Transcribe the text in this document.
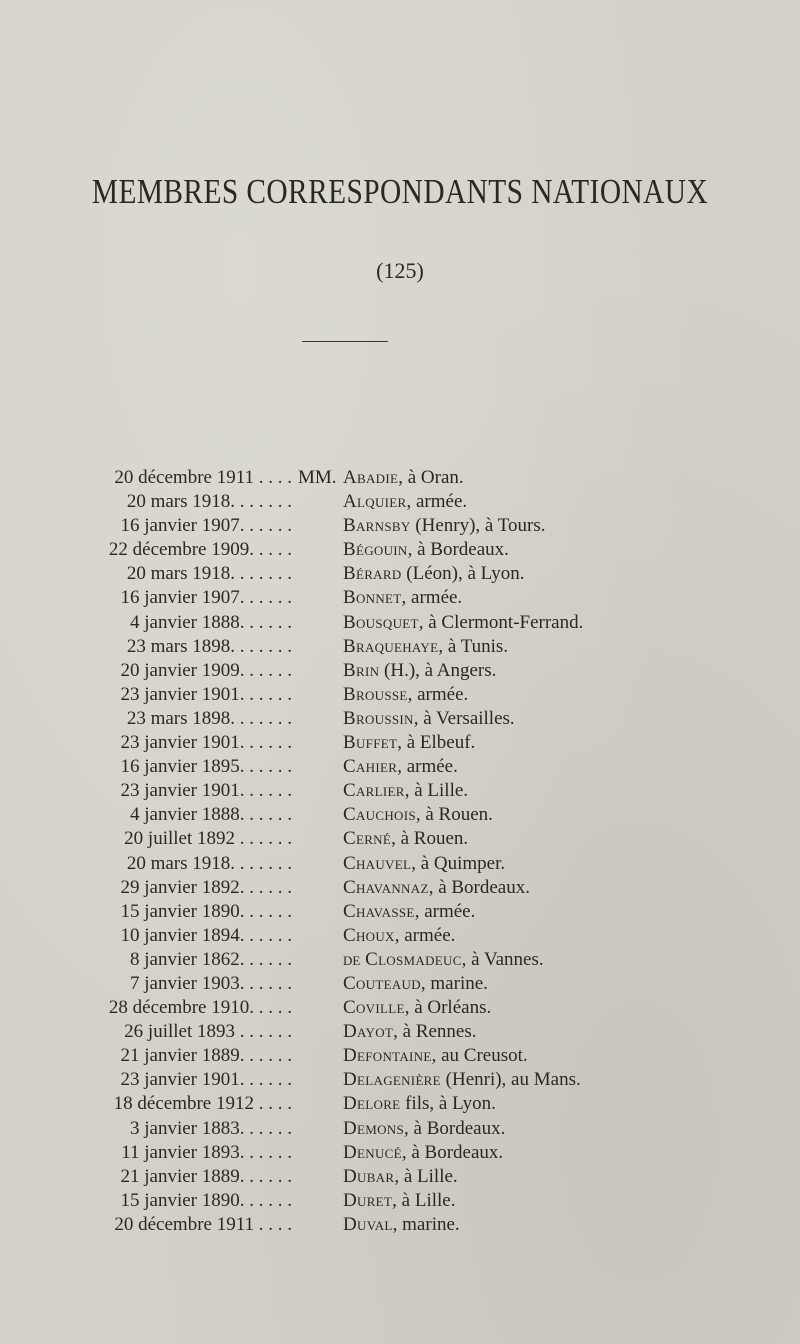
MEMBRES CORRESPONDANTS NATIONAUX
(125)
20 décembre 1911 . . . . MM. Abadie, à Oran.
20 mars 1918. . . . . . .	Alquier, armée.
16 janvier 1907. . . . . .	Barnsby (Henry), à Tours.
22 décembre 1909. . . . .	Bégouin, à Bordeaux.
20 mars 1918. . . . . . .	Bérard (Léon), à Lyon.
16 janvier 1907. . . . . .	Bonnet, armée.
4 janvier 1888. . . . . .	Bousquet, à Clermont-Ferrand.
23 mars 1898. . . . . . .	Braquehaye, à Tunis.
20 janvier 1909. . . . . .	Brin (H.), à Angers.
23 janvier 1901. . . . . .	Brousse, armée.
23 mars 1898. . . . . . .	Broussin, à Versailles.
23 janvier 1901. . . . . .	Buffet, à Elbeuf.
16 janvier 1895. . . . . .	Cahier, armée.
23 janvier 1901. . . . . .	Carlier, à Lille.
4 janvier 1888. . . . . .	Cauchois, à Rouen.
20 juillet 1892 . . . . . .	Cerné, à Rouen.
20 mars 1918. . . . . . .	Chauvel, à Quimper.
29 janvier 1892. . . . . .	Chavannaz, à Bordeaux.
15 janvier 1890. . . . . .	Chavasse, armée.
10 janvier 1894. . . . . .	Choux, armée.
8 janvier 1862. . . . . .	de Closmadeuc, à Vannes.
7 janvier 1903. . . . . .	Couteaud, marine.
28 décembre 1910. . . . .	Coville, à Orléans.
26 juillet 1893 . . . . . .	Dayot, à Rennes.
21 janvier 1889. . . . . .	Defontaine, au Creusot.
23 janvier 1901. . . . . .	Delagenière (Henri), au Mans.
18 décembre 1912 . . . .	Delore fils, à Lyon.
3 janvier 1883. . . . . .	Demons, à Bordeaux.
11 janvier 1893. . . . . .	Denucé, à Bordeaux.
21 janvier 1889. . . . . .	Dubar, à Lille.
15 janvier 1890. . . . . .	Duret, à Lille.
20 décembre 1911 . . . .	Duval, marine.
